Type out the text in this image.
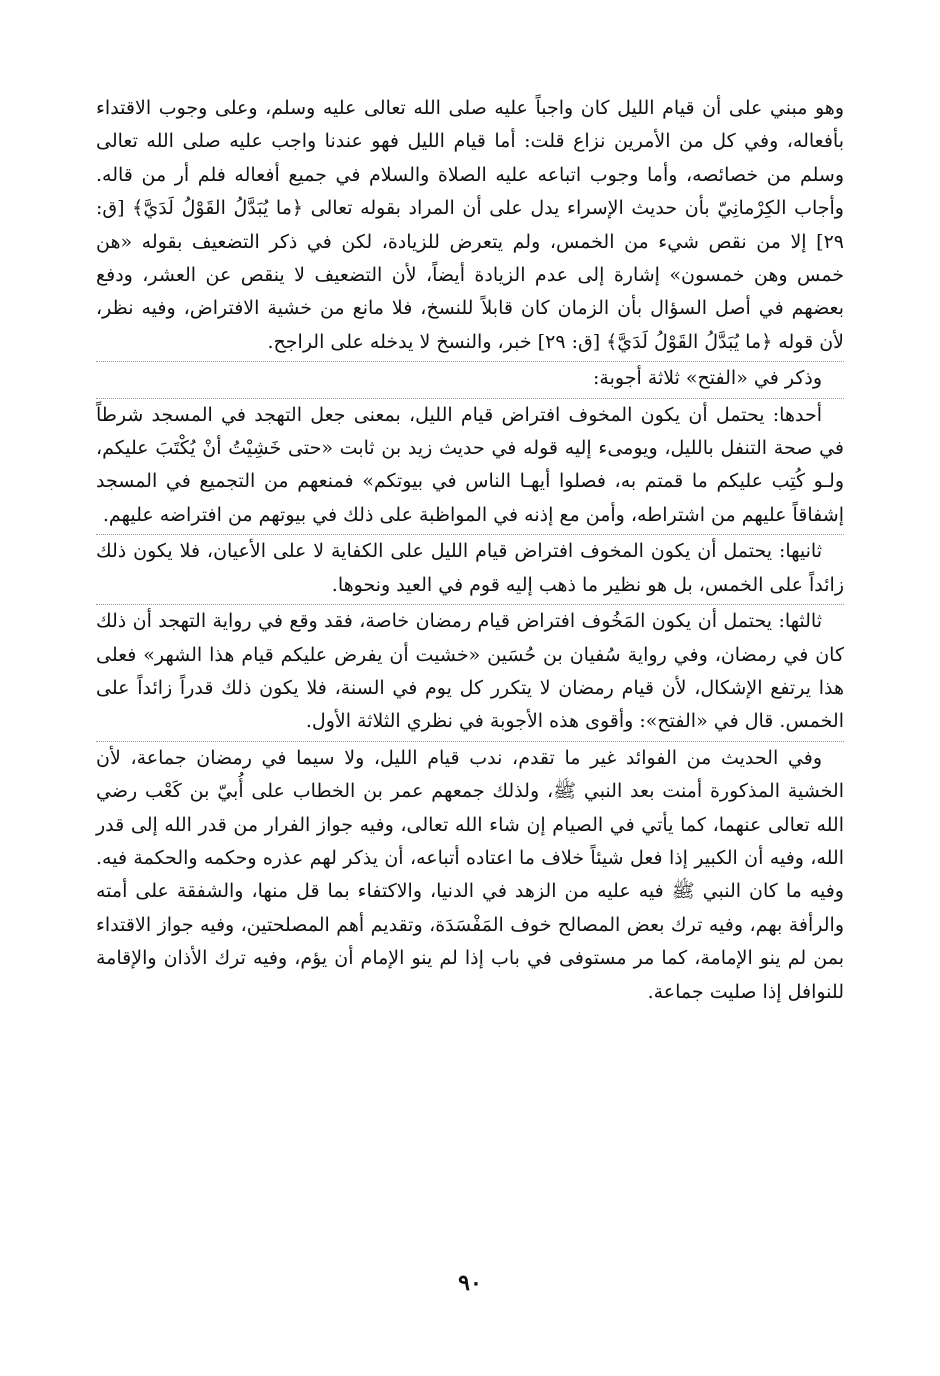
وهو مبني على أن قيام الليل كان واجباً عليه صلى الله تعالى عليه وسلم، وعلى وجوب الاقتداء بأفعاله، وفي كل من الأمرين نزاع قلت: أما قيام الليل فهو عندنا واجب عليه صلى الله تعالى وسلم من خصائصه، وأما وجوب اتباعه عليه الصلاة والسلام في جميع أفعاله فلم أر من قاله. وأجاب الكِرْمانِيّ بأن حديث الإسراء يدل على أن المراد بقوله تعالى ﴿ما يُبَدَّلُ القَوْلُ لَدَيَّ﴾ [ق: ٢٩] إلا من نقص شيء من الخمس، ولم يتعرض للزيادة، لكن في ذكر التضعيف بقوله «هن خمس وهن خمسون» إشارة إلى عدم الزيادة أيضاً، لأن التضعيف لا ينقص عن العشر، ودفع بعضهم في أصل السؤال بأن الزمان كان قابلاً للنسخ، فلا مانع من خشية الافتراض، وفيه نظر، لأن قوله ﴿ما يُبَدَّلُ القَوْلُ لَدَيَّ﴾ [ق: ٢٩] خبر، والنسخ لا يدخله على الراجح.

وذكر في «الفتح» ثلاثة أجوبة:

أحدها: يحتمل أن يكون المخوف افتراض قيام الليل، بمعنى جعل التهجد في المسجد شرطاً في صحة التنفل بالليل، ويومىء إليه قوله في حديث زيد بن ثابت «حتى خَشِيْتُ أنْ يُكْتَبَ عليكم، ولـو كُتِب عليكم ما قمتم به، فصلوا أيهـا الناس في بيوتكم» فمنعهم من التجميع في المسجد إشفاقاً عليهم من اشتراطه، وأمن مع إذنه في المواظبة على ذلك في بيوتهم من افتراضه عليهم.

ثانيها: يحتمل أن يكون المخوف افتراض قيام الليل على الكفاية لا على الأعيان، فلا يكون ذلك زائداً على الخمس، بل هو نظير ما ذهب إليه قوم في العيد ونحوها.

ثالثها: يحتمل أن يكون المَخُوف افتراض قيام رمضان خاصة، فقد وقع في رواية التهجد أن ذلك كان في رمضان، وفي رواية سُفيان بن حُسَين «خشيت أن يفرض عليكم قيام هذا الشهر» فعلى هذا يرتفع الإشكال، لأن قيام رمضان لا يتكرر كل يوم في السنة، فلا يكون ذلك قدراً زائداً على الخمس. قال في «الفتح»: وأقوى هذه الأجوبة في نظري الثلاثة الأول.

وفي الحديث من الفوائد غير ما تقدم، ندب قيام الليل، ولا سيما في رمضان جماعة، لأن الخشية المذكورة أمنت بعد النبي ﷺ، ولذلك جمعهم عمر بن الخطاب على أُبيّ بن كَعْب رضي الله تعالى عنهما، كما يأتي في الصيام إن شاء الله تعالى، وفيه جواز الفرار من قدر الله إلى قدر الله، وفيه أن الكبير إذا فعل شيئاً خلاف ما اعتاده أتباعه، أن يذكر لهم عذره وحكمه والحكمة فيه. وفيه ما كان النبي ﷺ فيه عليه من الزهد في الدنيا، والاكتفاء بما قل منها، والشفقة على أمته والرأفة بهم، وفيه ترك بعض المصالح خوف المَفْسَدَة، وتقديم أهم المصلحتين، وفيه جواز الاقتداء بمن لم ينو الإمامة، كما مر مستوفى في باب إذا لم ينو الإمام أن يؤم، وفيه ترك الأذان والإقامة للنوافل إذا صليت جماعة.

٩٠
